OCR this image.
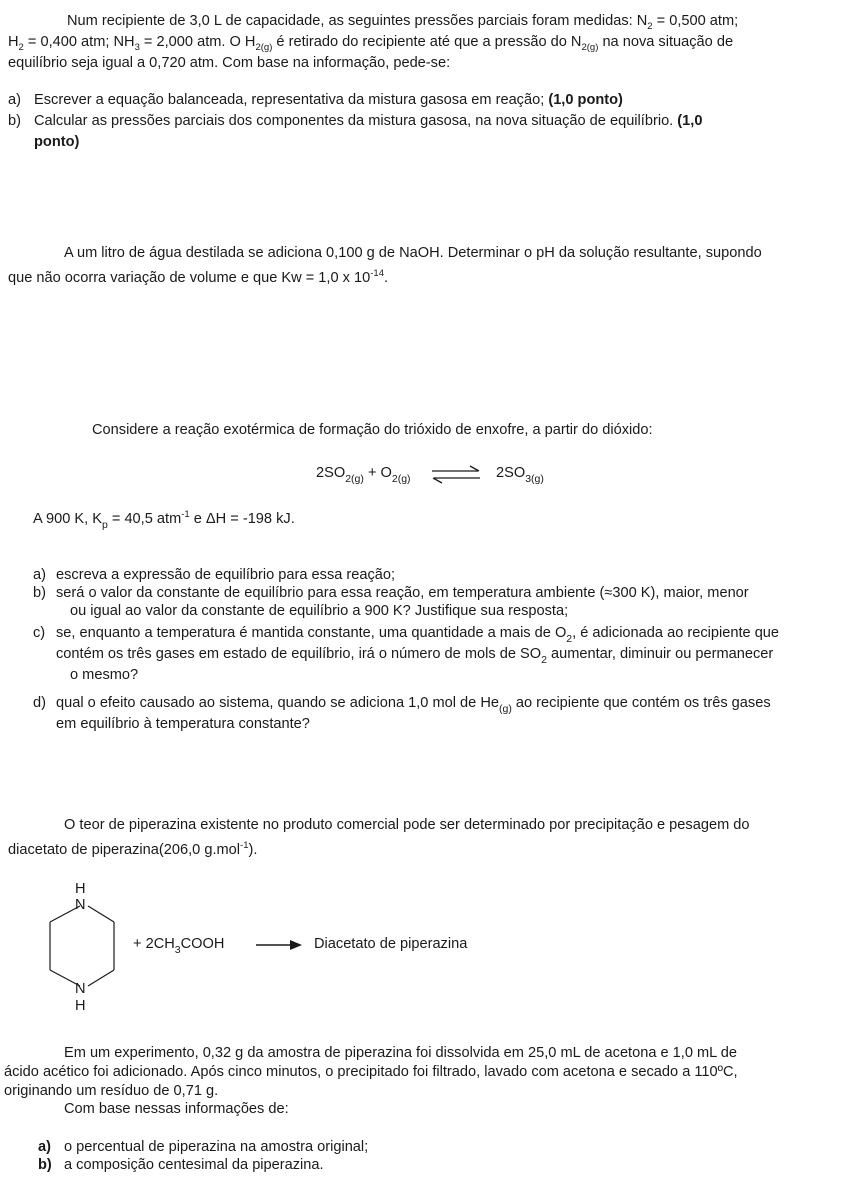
Num recipiente de 3,0 L de capacidade, as seguintes pressões parciais foram medidas: $N_2 = 0,500$ atm;
$H_2 = 0,400$ atm; $NH_3 = 2,000$ atm. O $H_{2(g)}$ é retirado do recipiente até que a pressão do $N_{2(g)}$ na nova situação de
equilíbrio seja igual a 0,720 atm. Com base na informação, pede-se:
a) Escrever a equação balanceada, representativa da mistura gasosa em reação; (1,0 ponto)
b) Calcular as pressões parciais dos componentes da mistura gasosa, na nova situação de equilíbrio. (1,0
ponto)
A um litro de água destilada se adiciona 0,100 g de NaOH. Determinar o pH da solução resultante, supondo
que não ocorra variação de volume e que Kw = 1,0 x $10^{-14}$.
Considere a reação exotérmica de formação do trióxido de enxofre, a partir do dióxido:
$2SO_{2(g)} + O_{2(g)}$ ⇌ $2SO_{3(g)}$
A 900 K, $K_p = 40,5$ atm$^{-1}$ e ΔH = -198 kJ.
a) escreva a expressão de equilíbrio para essa reação;
b) será o valor da constante de equilíbrio para essa reação, em temperatura ambiente (≈300 K), maior, menor
ou igual ao valor da constante de equilíbrio a 900 K? Justifique sua resposta;
c) se, enquanto a temperatura é mantida constante, uma quantidade a mais de $O_2$, é adicionada ao recipiente que
contém os três gases em estado de equilíbrio, irá o número de mols de $SO_2$ aumentar, diminuir ou permanecer
o mesmo?
d) qual o efeito causado ao sistema, quando se adiciona 1,0 mol de $He_{(g)}$ ao recipiente que contém os três gases
em equilíbrio à temperatura constante?
O teor de piperazina existente no produto comercial pode ser determinado por precipitação e pesagem do
diacetato de piperazina(206,0 g.mol$^{-1}$).
H
N
N
H
+ $2CH_3COOH$ → Diacetato de piperazina
Em um experimento, 0,32 g da amostra de piperazina foi dissolvida em 25,0 mL de acetona e 1,0 mL de
ácido acético foi adicionado. Após cinco minutos, o precipitado foi filtrado, lavado com acetona e secado a 110ºC,
originando um resíduo de 0,71 g.
Com base nessas informações de:
a) o percentual de piperazina na amostra original;
b) a composição centesimal da piperazina.
